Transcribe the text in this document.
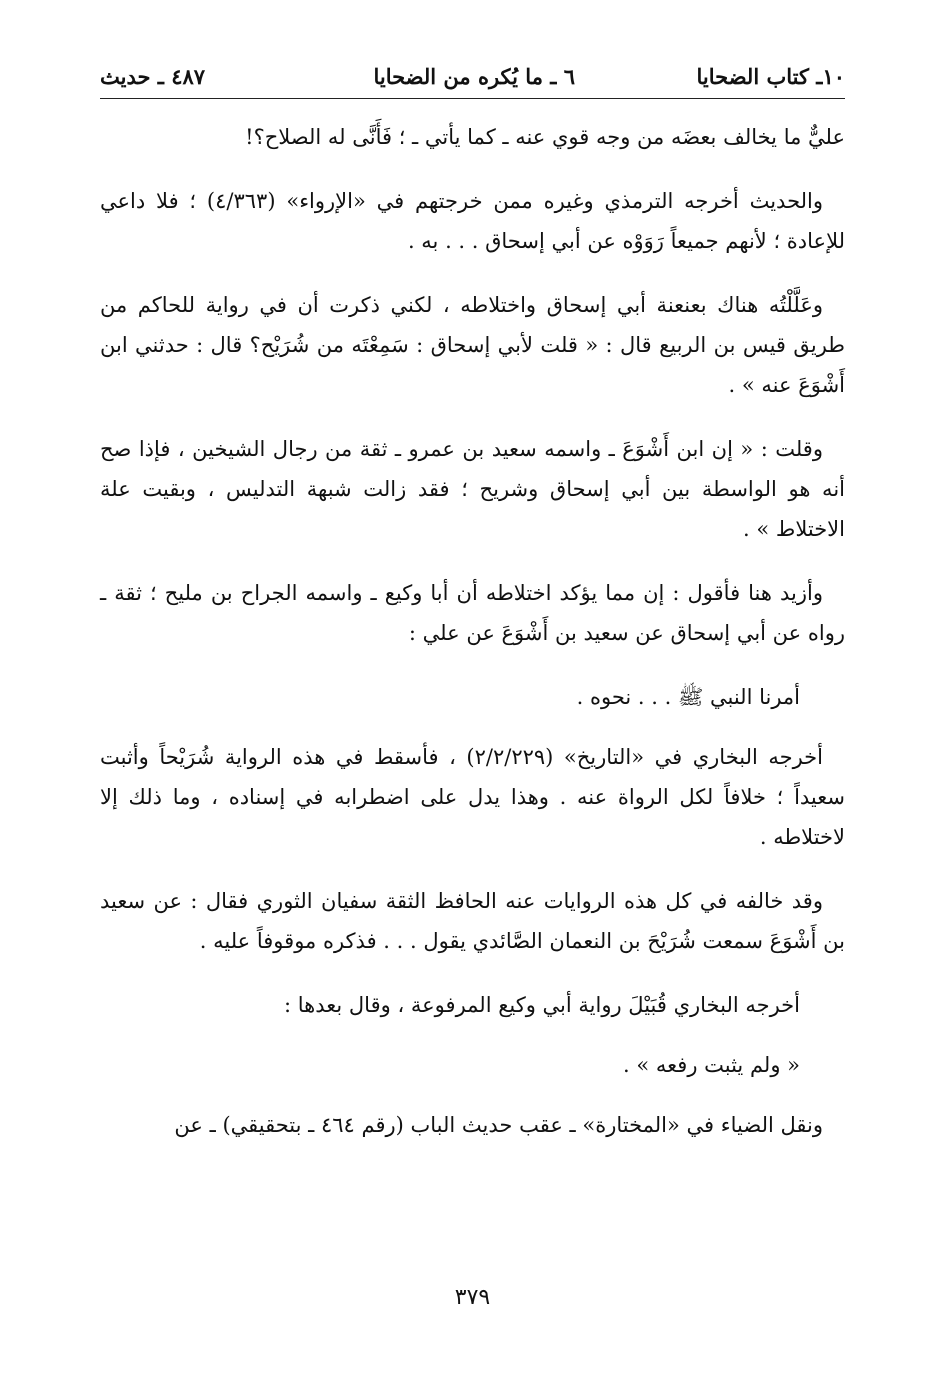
١٠ـ كتاب الضحايا
٦ ـ ما يُكره من الضحايا
٤٨٧ ـ حديث

عليٌّ ما يخالف بعضَه من وجه قوي عنه ـ كما يأتي ـ ؛ فَأَنَّى له الصلاح؟!

والحديث أخرجه الترمذي وغيره ممن خرجتهم في «الإرواء» (٤/٣٦٣) ؛ فلا داعي للإعادة ؛ لأنهم جميعاً رَوَوْه عن أبي إسحاق . . . به .

وعَلَّلْتُه هناك بعنعنة أبي إسحاق واختلاطه ، لكني ذكرت أن في رواية للحاكم من طريق قيس بن الربيع قال : « قلت لأبي إسحاق : سَمِعْتَه من شُرَيْح؟ قال : حدثني ابن أَشْوَعَ عنه » .

وقلت : « إن ابن أَشْوَعَ ـ واسمه سعيد بن عمرو ـ ثقة من رجال الشيخين ، فإذا صح أنه هو الواسطة بين أبي إسحاق وشريح ؛ فقد زالت شبهة التدليس ، وبقيت علة الاختلاط » .

وأزيد هنا فأقول : إن مما يؤكد اختلاطه أن أبا وكيع ـ واسمه الجراح بن مليح ؛ ثقة ـ رواه عن أبي إسحاق عن سعيد بن أَشْوَعَ عن علي :

أمرنا النبي ﷺ . . . نحوه .

أخرجه البخاري في «التاريخ» (٢/٢/٢٢٩) ، فأسقط في هذه الرواية شُرَيْحاً وأثبت سعيداً ؛ خلافاً لكل الرواة عنه . وهذا يدل على اضطرابه في إسناده ، وما ذلك إلا لاختلاطه .

وقد خالفه في كل هذه الروايات عنه الحافظ الثقة سفيان الثوري فقال : عن سعيد بن أَشْوَعَ سمعت شُرَيْحَ بن النعمان الصَّائدي يقول . . . فذكره موقوفاً عليه .

أخرجه البخاري قُبَيْلَ رواية أبي وكيع المرفوعة ، وقال بعدها :

« ولم يثبت رفعه » .

ونقل الضياء في «المختارة» ـ عقب حديث الباب (رقم ٤٦٤ ـ بتحقيقي) ـ عن

٣٧٩
